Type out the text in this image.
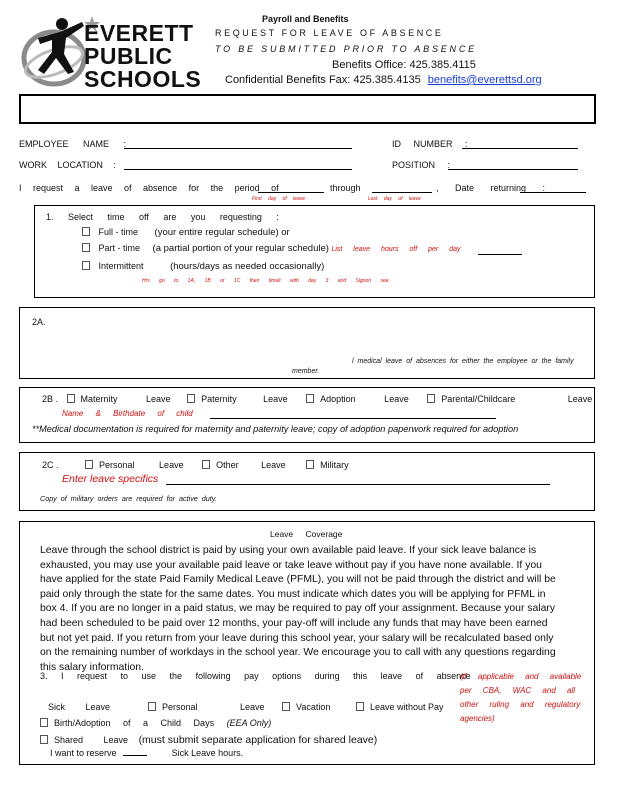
EVERETT
PUBLIC
SCHOOLS
Payroll and Benefits
REQUEST FOR LEAVE OF ABSENCE
TO BE SUBMITTED PRIOR TO ABSENCE
Benefits Office: 425.385.4115
Confidential Benefits Fax: 425.385.4135 benefits@everettsd.org
EMPLOYEE NAME :	ID NUMBER :
WORK LOCATION :	POSITION :
I request a leave of absence for the period of	through	, Date returning :
First day of leave	Last day of leave
1. Select time off are you requesting :
Full - time (your entire regular schedule) or
Part - time (a partial portion of your regular schedule) List leave hours off per day
Intermittent	(hours/days as needed occasionally)
Hrs go to 1A, 1B or 1C their timeli with day 3 and Signori see.
2A.
l medical leave of absences for either the employee or the family
member.
2B .	Maternity Leave	Paternity Leave	Adoption Leave	Parental/Childcare Leave
Name & Birthdate of child
**Medical documentation is required for maternity and paternity leave; copy of adoption paperwork required for adoption
2C .	Personal Leave	Other Leave	Military
Enter leave specifics
Copy of military orders are required for active duty.
Leave Coverage
Leave through the school district is paid by using your own available paid leave. If your sick leave balance is exhausted, you may use your available paid leave or take leave without pay if you have none available. If you have applied for the state Paid Family Medical Leave (PFML), you will not be paid through the district and will be paid only through the state for the same dates. You must indicate which dates you will be applying for PFML in box 4. If you are no longer in a paid status, we may be required to pay off your assignment. Because your salary had been scheduled to be paid over 12 months, your pay-off will include any funds that may have been earned but not yet paid. If you return from your leave during this school year, your salary will be recalculated based only on the remaining number of workdays in the school year. We encourage you to call with any questions regarding this salary information.
3. I request to use the following pay options during this leave of absence
(if applicable and available per CBA, WAC and all other ruling and regulatory agencies)
Sick Leave	Personal Leave	Vacation	Leave without Pay
Birth/Adoption of a Child Days (EEA Only)
Shared Leave (must submit separate application for shared leave)
I want to reserve	Sick Leave hours.
